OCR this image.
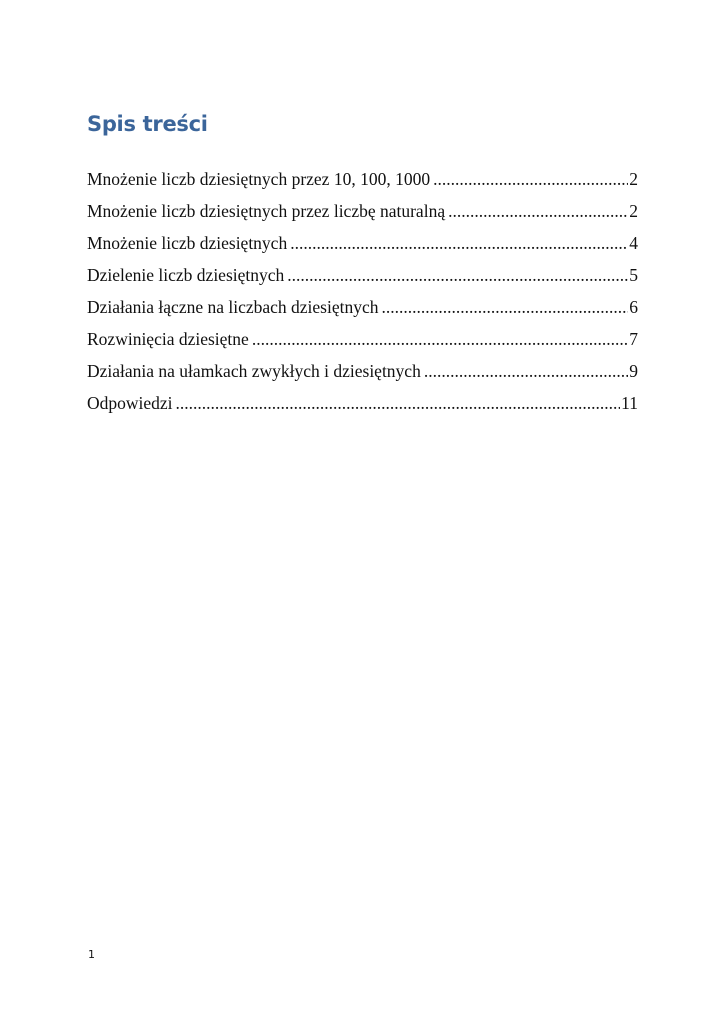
Spis treści
Mnożenie liczb dziesiętnych przez 10, 100, 1000 .....	2
Mnożenie liczb dziesiętnych przez liczbę naturalną .....	2
Mnożenie liczb dziesiętnych .....	4
Dzielenie liczb dziesiętnych .....	5
Działania łączne na liczbach dziesiętnych .....	6
Rozwinięcia dziesiętne .....	7
Działania na ułamkach zwykłych i dziesiętnych .....	9
Odpowiedzi .....	11
1
